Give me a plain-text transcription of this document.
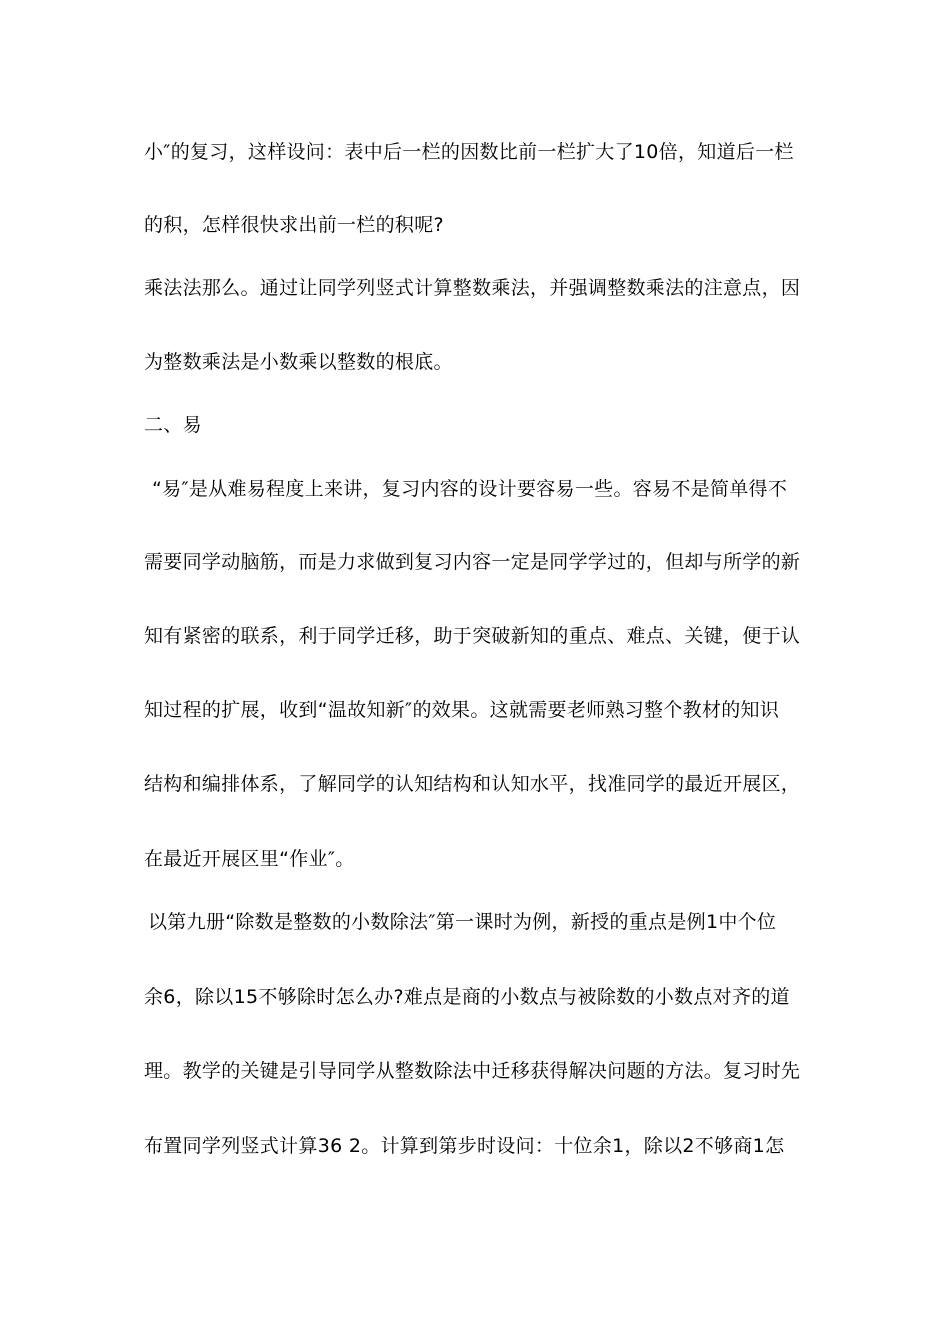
小″的复习，这样设问：表中后一栏的因数比前一栏扩大了10倍，知道后一栏
的积，怎样很快求出前一栏的积呢?
乘法法那么。通过让同学列竖式计算整数乘法，并强调整数乘法的注意点，因
为整数乘法是小数乘以整数的根底。
二、易
“易″是从难易程度上来讲，复习内容的设计要容易一些。容易不是简单得不
需要同学动脑筋，而是力求做到复习内容一定是同学学过的，但却与所学的新
知有紧密的联系，利于同学迁移，助于突破新知的重点、难点、关键，便于认
知过程的扩展，收到“温故知新″的效果。这就需要老师熟习整个教材的知识
结构和编排体系，了解同学的认知结构和认知水平，找准同学的最近开展区，
在最近开展区里“作业″。
以第九册“除数是整数的小数除法″第一课时为例，新授的重点是例1中个位
余6，除以15不够除时怎么办?难点是商的小数点与被除数的小数点对齐的道
理。教学的关键是引导同学从整数除法中迁移获得解决问题的方法。复习时先
布置同学列竖式计算36 2。计算到第步时设问：十位余1，除以2不够商1怎
